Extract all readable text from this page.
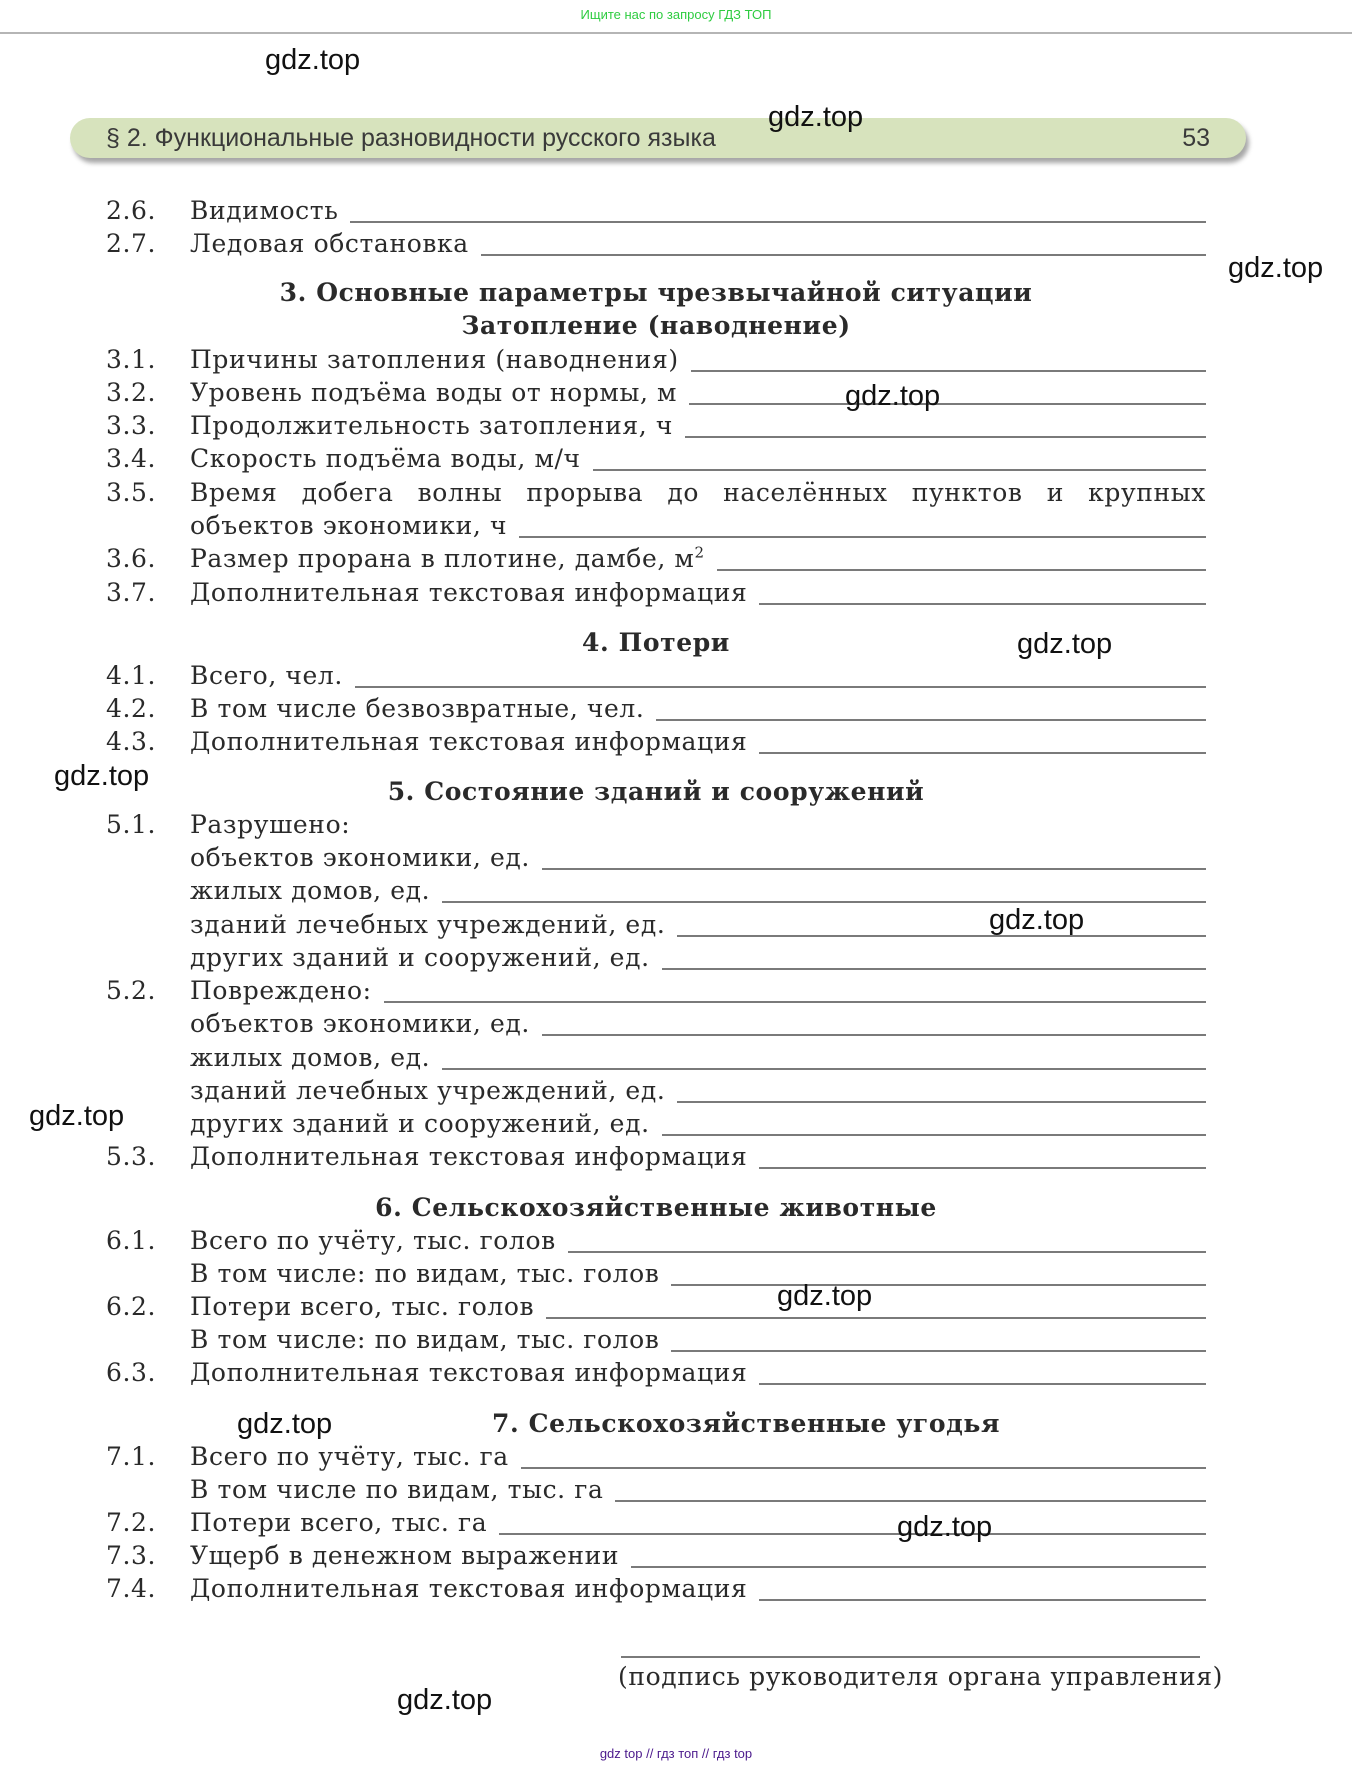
Ищите нас по запросу ГДЗ ТОП
§ 2. Функциональные разновидности русского языка	53
2.6.	Видимость
2.7.	Ледовая обстановка
3. Основные параметры чрезвычайной ситуации
Затопление (наводнение)
3.1.	Причины затопления (наводнения)
3.2.	Уровень подъёма воды от нормы, м
3.3.	Продолжительность затопления, ч
3.4.	Скорость подъёма воды, м/ч
3.5.	Время добега волны прорыва до населённых пунктов и крупных
объектов экономики, ч
3.6.	Размер прорана в плотине, дамбе, $м^2$
3.7.	Дополнительная текстовая информация
4. Потери
4.1.	Всего, чел.
4.2.	В том числе безвозвратные, чел.
4.3.	Дополнительная текстовая информация
5. Состояние зданий и сооружений
5.1.	Разрушено:
объектов экономики, ед.
жилых домов, ед.
зданий лечебных учреждений, ед.
других зданий и сооружений, ед.
5.2.	Повреждено:
объектов экономики, ед.
жилых домов, ед.
зданий лечебных учреждений, ед.
других зданий и сооружений, ед.
5.3.	Дополнительная текстовая информация
6. Сельскохозяйственные животные
6.1.	Всего по учёту, тыс. голов
В том числе: по видам, тыс. голов
6.2.	Потери всего, тыс. голов
В том числе: по видам, тыс. голов
6.3.	Дополнительная текстовая информация
7. Сельскохозяйственные угодья
7.1.	Всего по учёту, тыс. га
В том числе по видам, тыс. га
7.2.	Потери всего, тыс. га
7.3.	Ущерб в денежном выражении
7.4.	Дополнительная текстовая информация
(подпись руководителя органа управления)
gdz.top
gdz.top
gdz.top
gdz.top
gdz.top
gdz.top
gdz.top
gdz.top
gdz.top
gdz.top
gdz.top
gdz.top
gdz top // гдз топ // гдз top
